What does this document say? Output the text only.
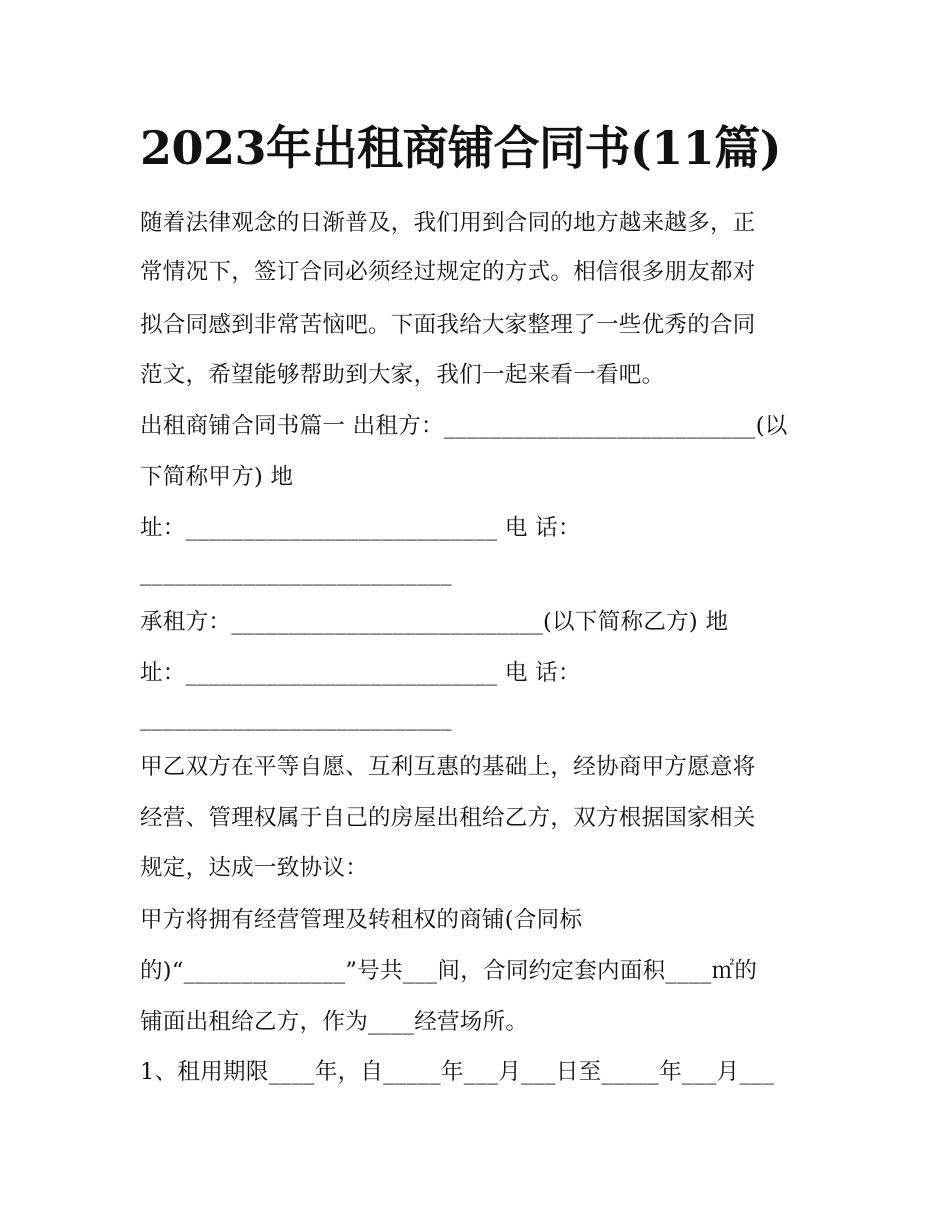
2023年出租商铺合同书(11篇)
随着法律观念的日渐普及，我们用到合同的地方越来越多，正
常情况下，签订合同必须经过规定的方式。相信很多朋友都对
拟合同感到非常苦恼吧。下面我给大家整理了一些优秀的合同
范文，希望能够帮助到大家，我们一起来看一看吧。
出租商铺合同书篇一 出租方：___________________________(以
下简称甲方) 地
址：___________________________ 电 话：
___________________________
承租方：___________________________(以下简称乙方) 地
址：___________________________ 电 话：
___________________________
甲乙双方在平等自愿、互利互惠的基础上，经协商甲方愿意将
经营、管理权属于自己的房屋出租给乙方，双方根据国家相关
规定，达成一致协议：
甲方将拥有经营管理及转租权的商铺(合同标
的)“______________”号共___间，合同约定套内面积____㎡的
铺面出租给乙方，作为____经营场所。
1、租用期限____年，自_____年___月___日至_____年___月___
